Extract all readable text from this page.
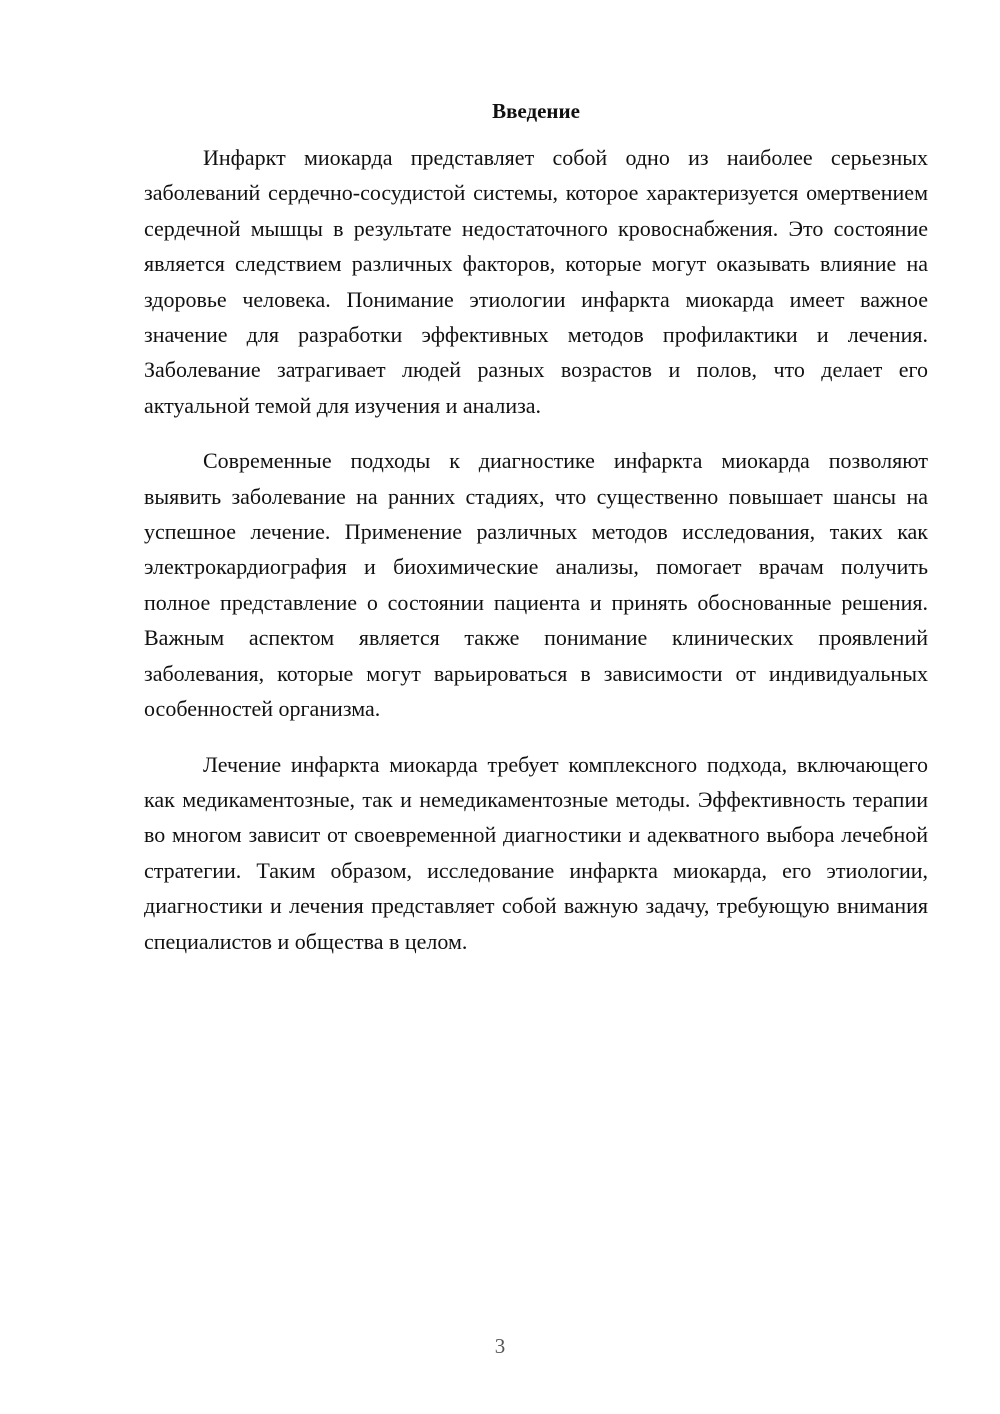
Введение

Инфаркт миокарда представляет собой одно из наиболее серьезных заболеваний сердечно-сосудистой системы, которое характеризуется омертвением сердечной мышцы в результате недостаточного кровоснабжения. Это состояние является следствием различных факторов, которые могут оказывать влияние на здоровье человека. Понимание этиологии инфаркта миокарда имеет важное значение для разработки эффективных методов профилактики и лечения. Заболевание затрагивает людей разных возрастов и полов, что делает его актуальной темой для изучения и анализа.

Современные подходы к диагностике инфаркта миокарда позволяют выявить заболевание на ранних стадиях, что существенно повышает шансы на успешное лечение. Применение различных методов исследования, таких как электрокардиография и биохимические анализы, помогает врачам получить полное представление о состоянии пациента и принять обоснованные решения. Важным аспектом является также понимание клинических проявлений заболевания, которые могут варьироваться в зависимости от индивидуальных особенностей организма.

Лечение инфаркта миокарда требует комплексного подхода, включающего как медикаментозные, так и немедикаментозные методы. Эффективность терапии во многом зависит от своевременной диагностики и адекватного выбора лечебной стратегии. Таким образом, исследование инфаркта миокарда, его этиологии, диагностики и лечения представляет собой важную задачу, требующую внимания специалистов и общества в целом.

3
